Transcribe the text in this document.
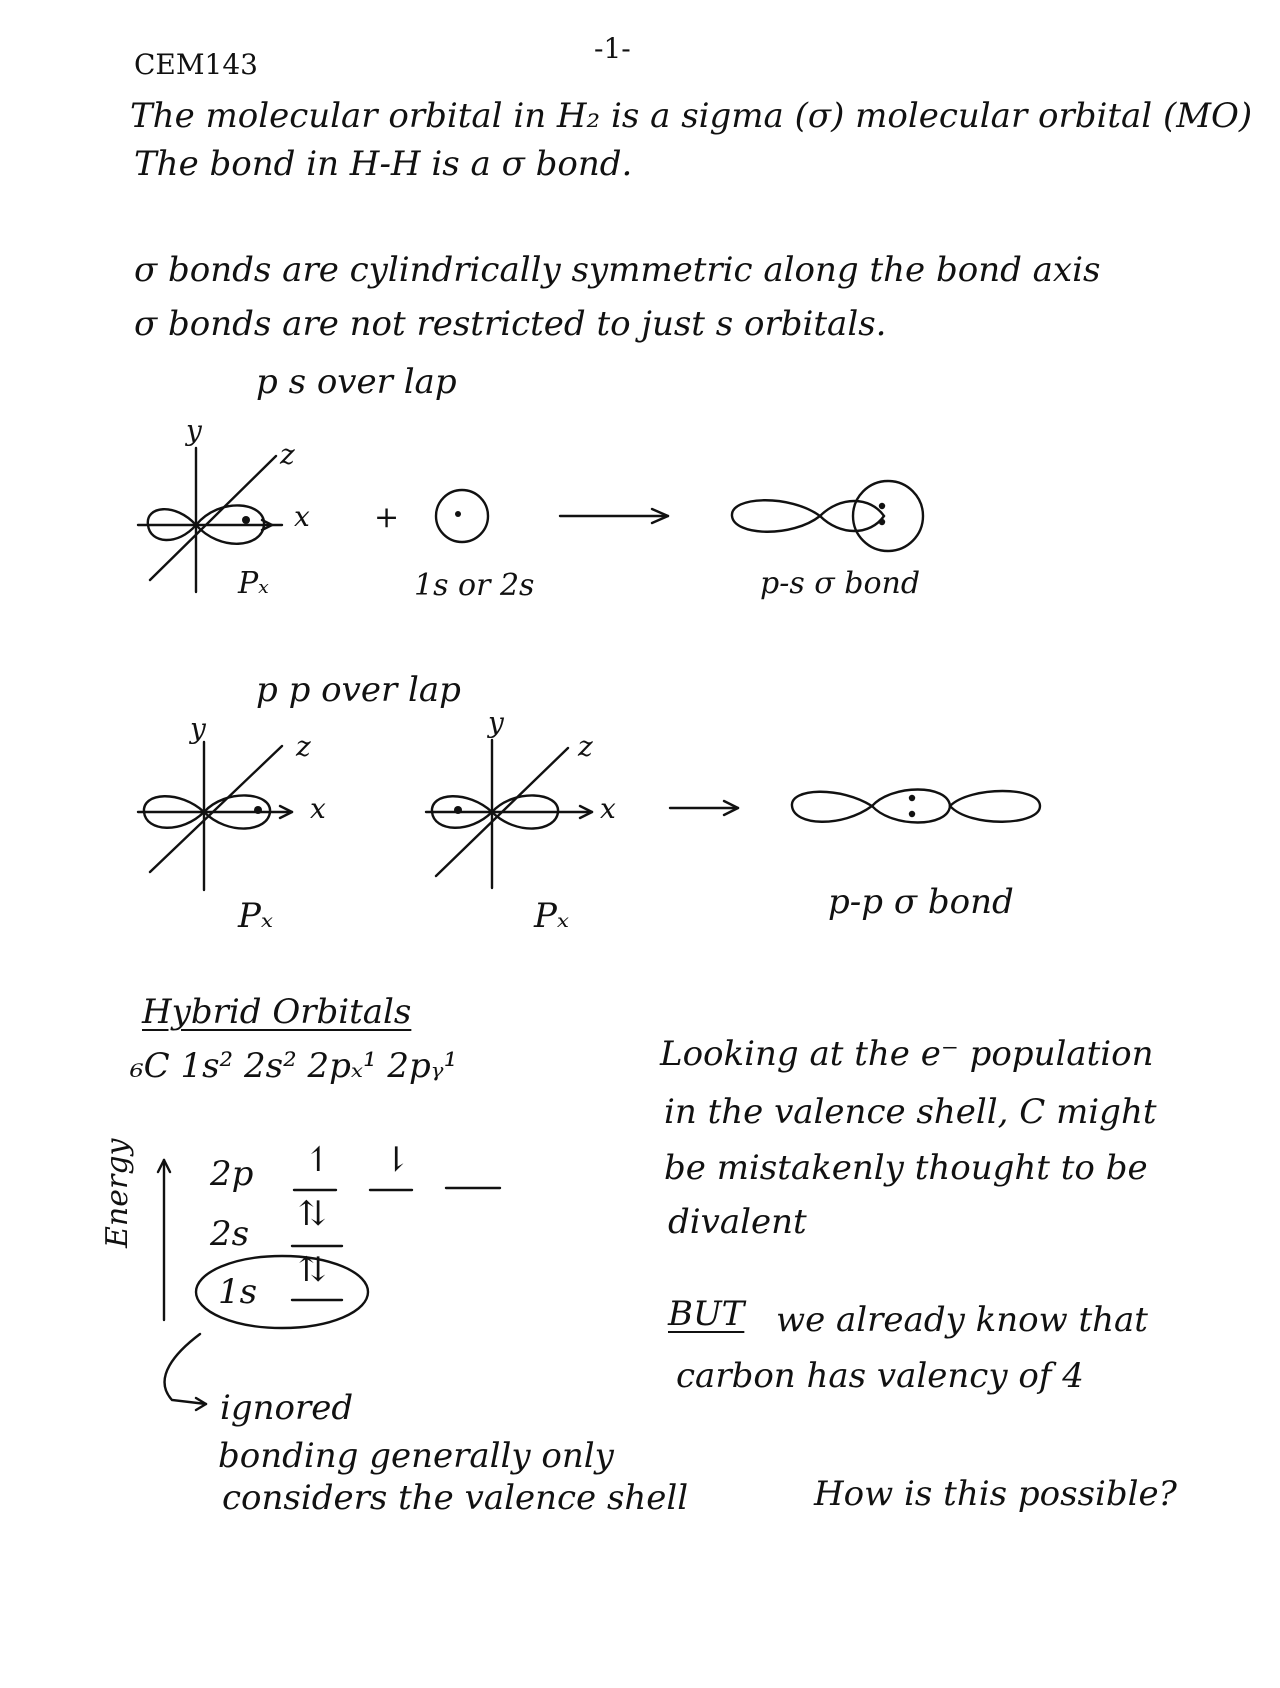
CEM143	-1-
The molecular orbital in H₂ is a sigma (σ) molecular orbital (MO)
The bond in H-H is a σ bond.
σ bonds are cylindrically symmetric along the bond axis
σ bonds are not restricted to just s orbitals.
p s over lap
y
z
x
Pₓ
+
1s or 2s	p-s σ bond
p p over lap
y
z
x
y
z
x
Pₓ	Pₓ	p-p σ bond
Hybrid Orbitals
₆C 1s² 2s² 2pₓ¹ 2pᵧ¹
Energy 2p ↿ ⇂
2s ⇅
1s
⇅
ignored
bonding generally only
considers the valence shell
Looking at the e⁻ population
in the valence shell, C might
be mistakenly thought to be
divalent
BUT we already know that
carbon has valency of 4
How is this possible?
